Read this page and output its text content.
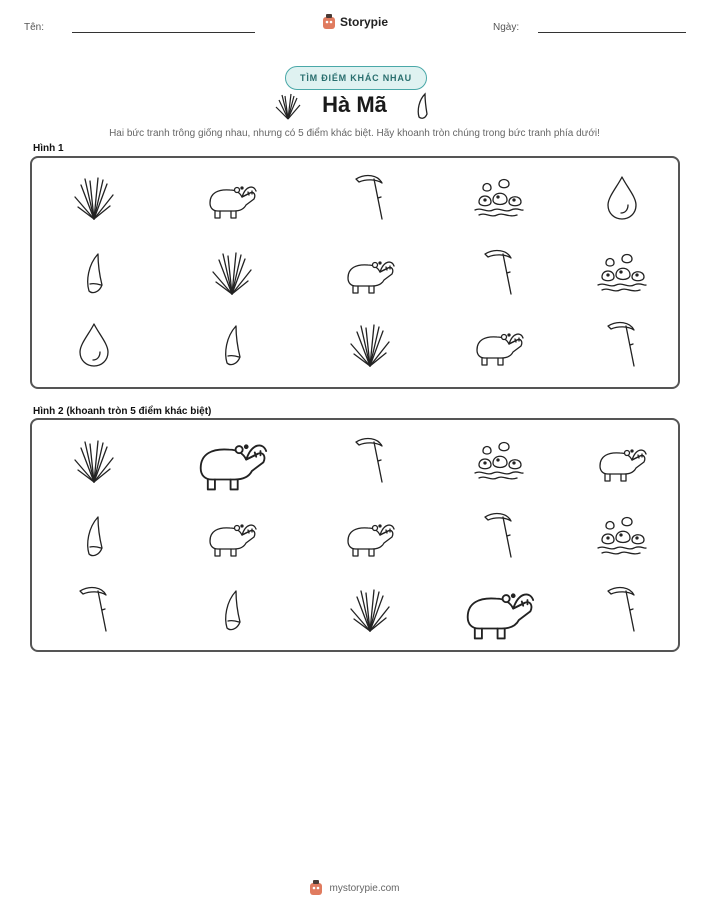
Tên:	Storypie	Ngày:
TÌM ĐIỂM KHÁC NHAU
Hà Mã
Hai bức tranh trông giống nhau, nhưng có 5 điểm khác biệt. Hãy khoanh tròn chúng trong bức tranh phía dưới!
Hình 1
Hình 2 (khoanh tròn 5 điểm khác biệt)
mystorypie.com
